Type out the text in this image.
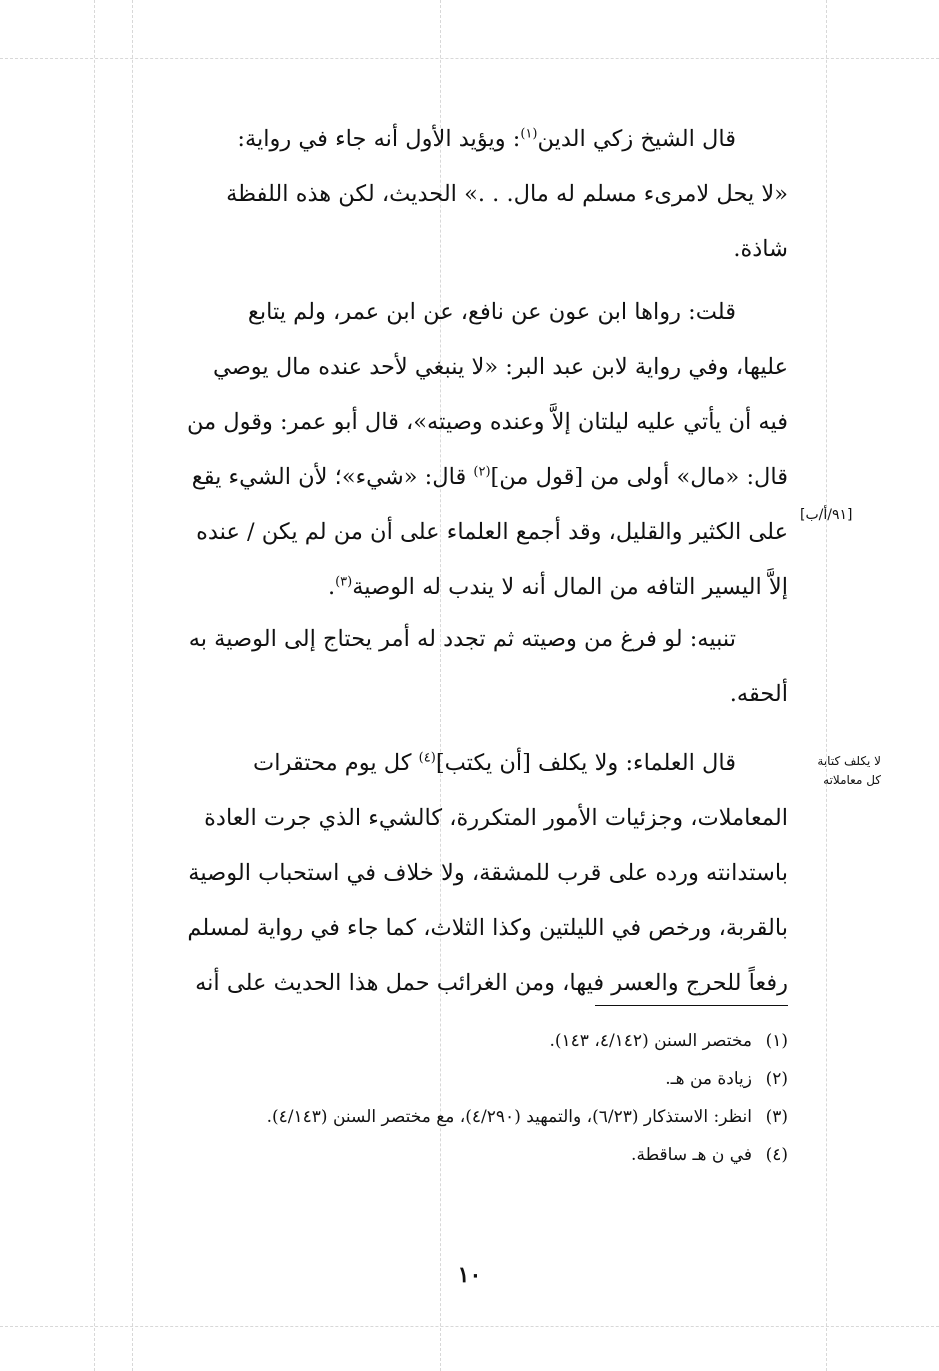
قال الشيخ زكي الدين$^{(١)}$: ويؤيد الأول أنه جاء في رواية:

«لا يحل لامرىء مسلم له مال. . .» الحديث، لكن هذه اللفظة

شاذة.

قلت: رواها ابن عون عن نافع، عن ابن عمر، ولم يتابع

عليها، وفي رواية لابن عبد البر: «لا ينبغي لأحد عنده مال يوصي

فيه أن يأتي عليه ليلتان إلاَّ وعنده وصيته»، قال أبو عمر: وقول من

قال: «مال» أولى من [قول من]$^{(٢)}$ قال: «شيء»؛ لأن الشيء يقع

على الكثير والقليل، وقد أجمع العلماء على أن من لم يكن / عنده

إلاَّ اليسير التافه من المال أنه لا يندب له الوصية$^{(٣)}$.

[٩١/أ/ب]

تنبيه: لو فرغ من وصيته ثم تجدد له أمر يحتاج إلى الوصية به

ألحقه.

لا يكلف كتابة
كل معاملاته

قال العلماء: ولا يكلف [أن يكتب]$^{(٤)}$ كل يوم محتقرات

المعاملات، وجزئيات الأمور المتكررة، كالشيء الذي جرت العادة

باستدانته ورده على قرب للمشقة، ولا خلاف في استحباب الوصية

بالقربة، ورخص في الليلتين وكذا الثلاث، كما جاء في رواية لمسلم

رفعاً للحرج والعسر فيها، ومن الغرائب حمل هذا الحديث على أنه

(١)
مختصر السنن (٤/١٤٢، ١٤٣).
(٢)
زيادة من هـ.
(٣)
انظر: الاستذكار (٦/٢٣)، والتمهيد (٤/٢٩٠)، مع مختصر السنن (٤/١٤٣).
(٤)
في ن هـ ساقطة.
١٠
